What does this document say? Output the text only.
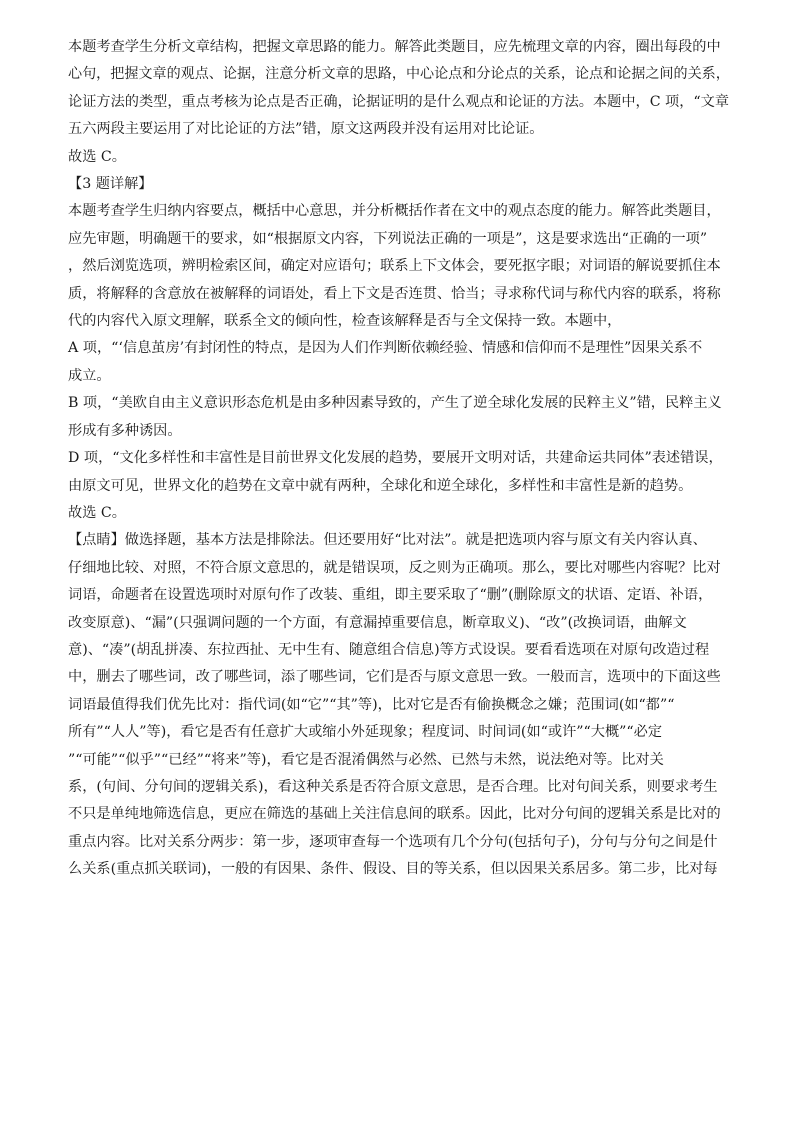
本题考查学生分析文章结构，把握文章思路的能力。解答此类题目，应先梳理文章的内容，圈出每段的中
心句，把握文章的观点、论据，注意分析文章的思路，中心论点和分论点的关系，论点和论据之间的关系，
论证方法的类型，重点考核为论点是否正确，论据证明的是什么观点和论证的方法。本题中，C 项，“文章
五六两段主要运用了对比论证的方法”错，原文这两段并没有运用对比论证。
故选 C。
【3 题详解】
本题考查学生归纳内容要点，概括中心意思，并分析概括作者在文中的观点态度的能力。解答此类题目，
应先审题，明确题干的要求，如“根据原文内容，下列说法正确的一项是”，这是要求选出“正确的一项”
，然后浏览选项，辨明检索区间，确定对应语句；联系上下文体会，要死抠字眼；对词语的解说要抓住本
质，将解释的含意放在被解释的词语处，看上下文是否连贯、恰当；寻求称代词与称代内容的联系，将称
代的内容代入原文理解，联系全文的倾向性，检查该解释是否与全文保持一致。本题中，
A 项，“‘信息茧房’有封闭性的特点，是因为人们作判断依赖经验、情感和信仰而不是理性”因果关系不
成立。
B 项，“美欧自由主义意识形态危机是由多种因素导致的，产生了逆全球化发展的民粹主义”错，民粹主义
形成有多种诱因。
D 项，“文化多样性和丰富性是目前世界文化发展的趋势，要展开文明对话，共建命运共同体”表述错误，
由原文可见，世界文化的趋势在文章中就有两种，全球化和逆全球化，多样性和丰富性是新的趋势。
故选 C。
【点睛】做选择题，基本方法是排除法。但还要用好“比对法”。就是把选项内容与原文有关内容认真、
仔细地比较、对照，不符合原文意思的，就是错误项，反之则为正确项。那么，要比对哪些内容呢？比对
词语，命题者在设置选项时对原句作了改装、重组，即主要采取了“删”(删除原文的状语、定语、补语，
改变原意)、“漏”(只强调问题的一个方面，有意漏掉重要信息，断章取义)、“改”(改换词语，曲解文
意)、“凑”(胡乱拼凑、东拉西扯、无中生有、随意组合信息)等方式设误。要看看选项在对原句改造过程
中，删去了哪些词，改了哪些词，添了哪些词，它们是否与原文意思一致。一般而言，选项中的下面这些
词语最值得我们优先比对：指代词(如“它”“其”等)，比对它是否有偷换概念之嫌；范围词(如“都”“
所有”“人人”等)，看它是否有任意扩大或缩小外延现象；程度词、时间词(如“或许”“大概”“必定
”“可能”“似乎”“已经”“将来”等)，看它是否混淆偶然与必然、已然与未然，说法绝对等。比对关
系，(句间、分句间的逻辑关系)，看这种关系是否符合原文意思，是否合理。比对句间关系，则要求考生
不只是单纯地筛选信息，更应在筛选的基础上关注信息间的联系。因此，比对分句间的逻辑关系是比对的
重点内容。比对关系分两步：第一步，逐项审查每一个选项有几个分句(包括句子)，分句与分句之间是什
么关系(重点抓关联词)，一般的有因果、条件、假设、目的等关系，但以因果关系居多。第二步，比对每
